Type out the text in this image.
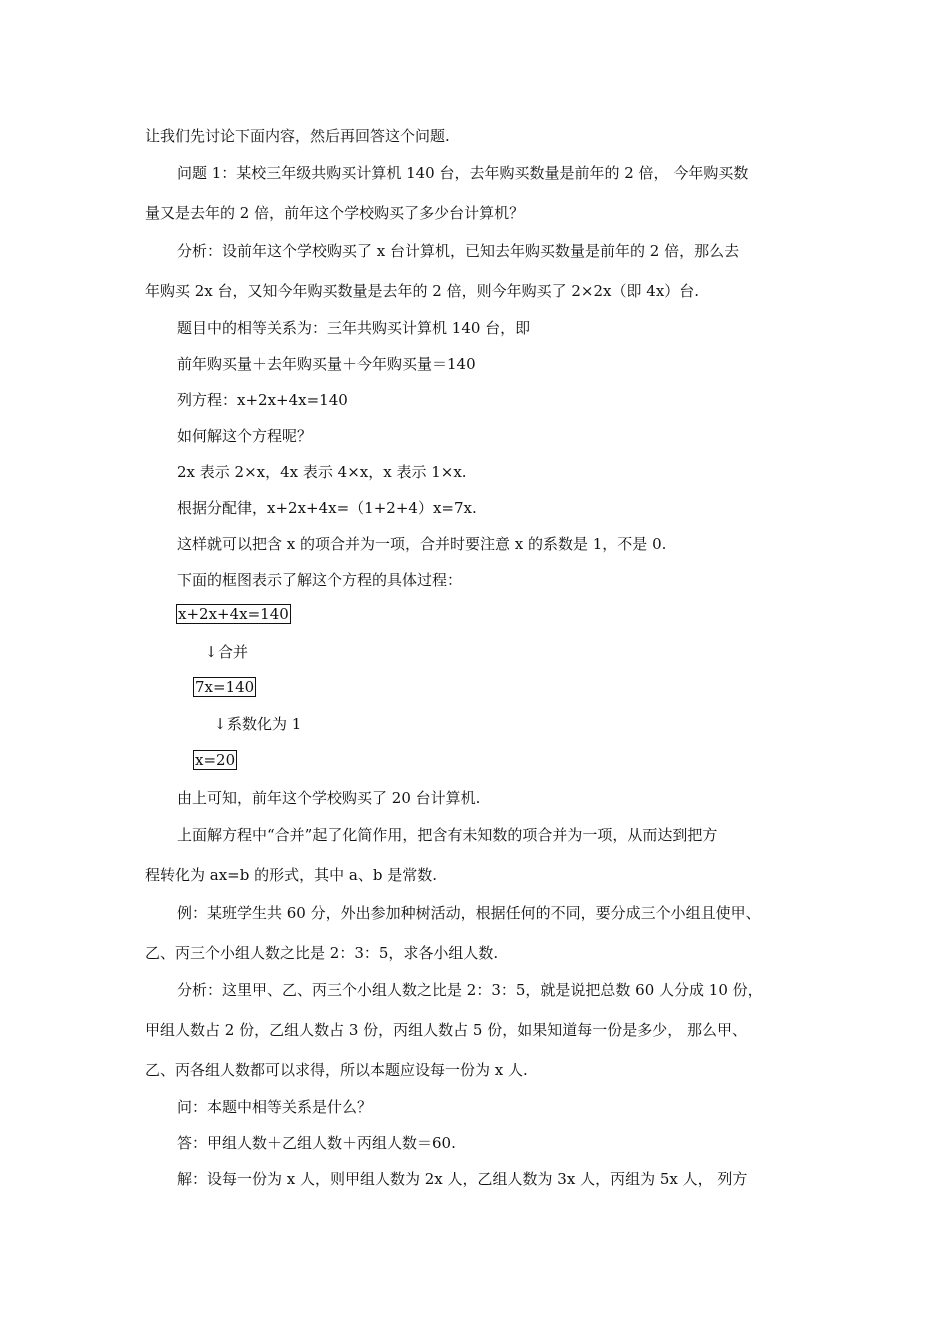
让我们先讨论下面内容，然后再回答这个问题.
问题 1：某校三年级共购买计算机 140 台，去年购买数量是前年的 2 倍， 今年购买数
量又是去年的 2 倍，前年这个学校购买了多少台计算机？
分析：设前年这个学校购买了 x 台计算机，已知去年购买数量是前年的 2 倍，那么去
年购买 2x 台，又知今年购买数量是去年的 2 倍，则今年购买了 2×2x（即 4x）台.
题目中的相等关系为：三年共购买计算机 140 台，即
前年购买量＋去年购买量＋今年购买量＝140
列方程：x+2x+4x=140
如何解这个方程呢？
2x 表示 2×x，4x 表示 4×x，x 表示 1×x.
根据分配律，x+2x+4x=（1+2+4）x=7x.
这样就可以把含 x 的项合并为一项，合并时要注意 x 的系数是 1，不是 0.
下面的框图表示了解这个方程的具体过程：
x+2x+4x=140
↓合并
7x=140
↓系数化为 1
x=20
由上可知，前年这个学校购买了 20 台计算机.
上面解方程中“合并”起了化简作用，把含有未知数的项合并为一项，从而达到把方
程转化为 ax=b 的形式，其中 a、b 是常数.
例：某班学生共 60 分，外出参加种树活动，根据任何的不同，要分成三个小组且使甲、
乙、丙三个小组人数之比是 2：3：5，求各小组人数.
分析：这里甲、乙、丙三个小组人数之比是 2：3：5，就是说把总数 60 人分成 10 份，
甲组人数占 2 份，乙组人数占 3 份，丙组人数占 5 份，如果知道每一份是多少， 那么甲、
乙、丙各组人数都可以求得，所以本题应设每一份为 x 人.
问：本题中相等关系是什么？
答：甲组人数＋乙组人数＋丙组人数＝60.
解：设每一份为 x 人，则甲组人数为 2x 人，乙组人数为 3x 人，丙组为 5x 人， 列方
